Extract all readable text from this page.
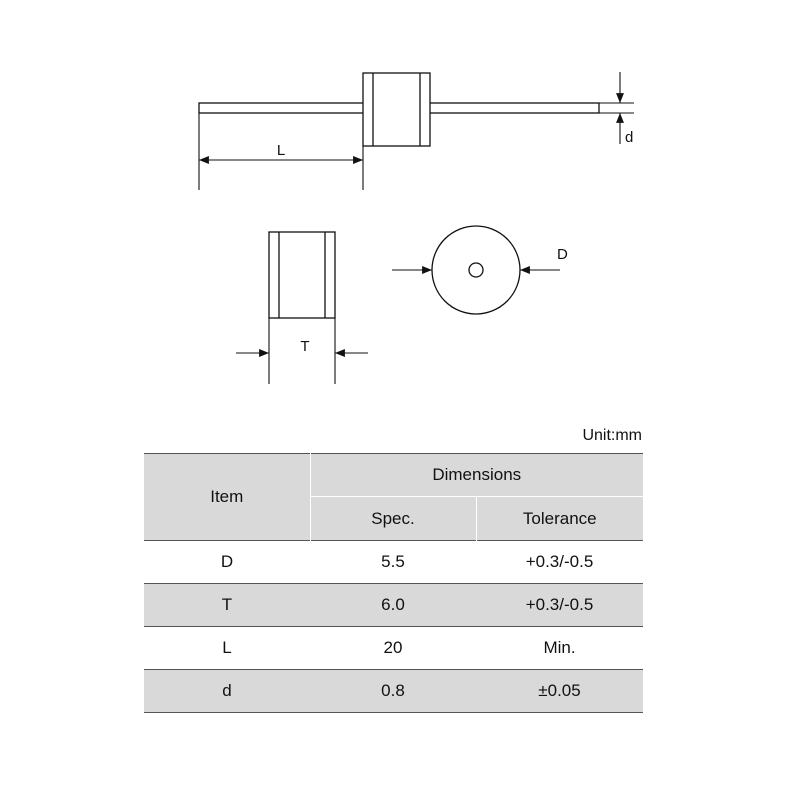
L
d
T
D
Unit:mm
Item	Dimensions	
	Spec.	Tolerance
D	5.5	+0.3/-0.5
T	6.0	+0.3/-0.5
L	20	Min.
d	0.8	±0.05
